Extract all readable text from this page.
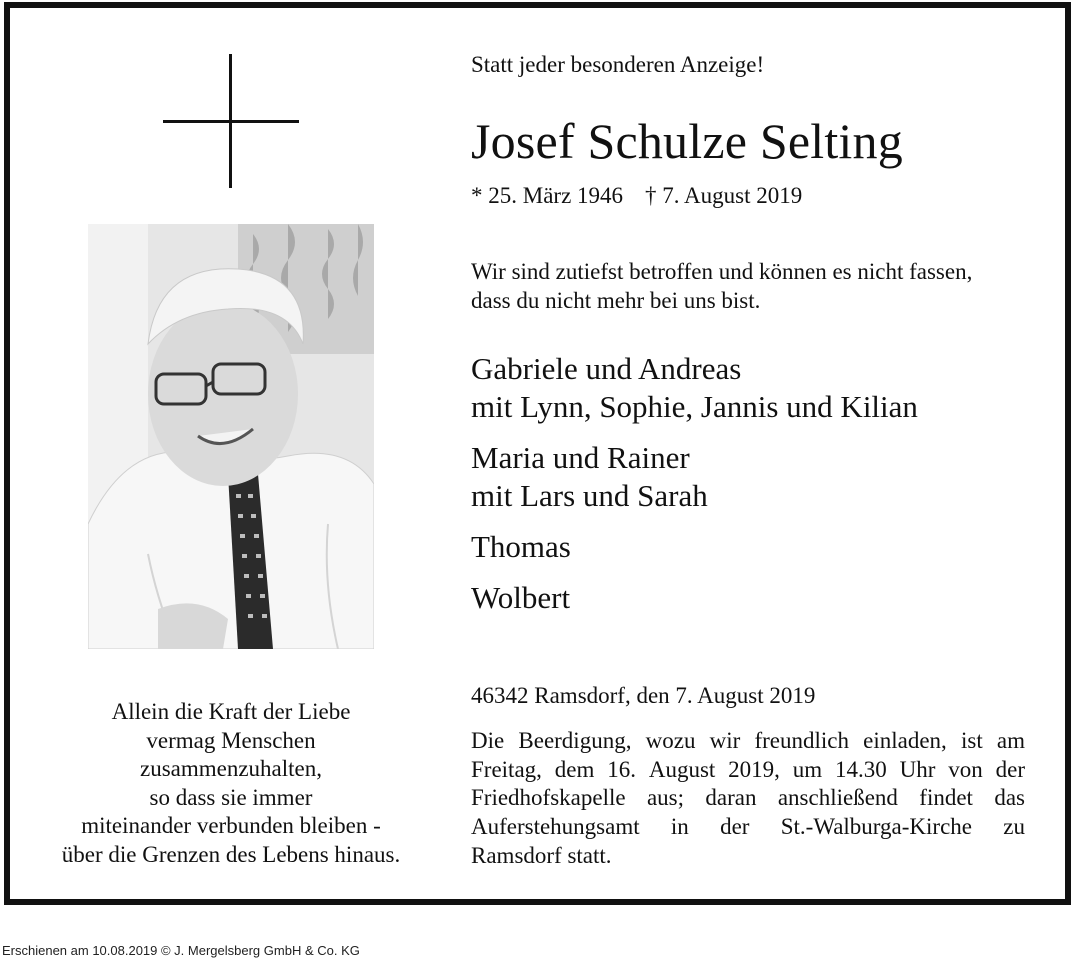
Allein die Kraft der Liebe
vermag Menschen
zusammenzuhalten,
so dass sie immer
miteinander verbunden bleiben -
über die Grenzen des Lebens hinaus.
Statt jeder besonderen Anzeige!
Josef Schulze Selting
* 25. März 1946 † 7. August 2019
Wir sind zutiefst betroffen und können es nicht fassen,
dass du nicht mehr bei uns bist.
Gabriele und Andreas
mit Lynn, Sophie, Jannis und Kilian
Maria und Rainer
mit Lars und Sarah
Thomas
Wolbert
46342 Ramsdorf, den 7. August 2019
Die Beerdigung, wozu wir freundlich einladen, ist am
Freitag, dem 16. August 2019, um 14.30 Uhr von der
Friedhofskapelle aus; daran anschließend findet das
Auferstehungsamt in der St.-Walburga-Kirche zu
Ramsdorf statt.
Erschienen am 10.08.2019 © J. Mergelsberg GmbH & Co. KG
